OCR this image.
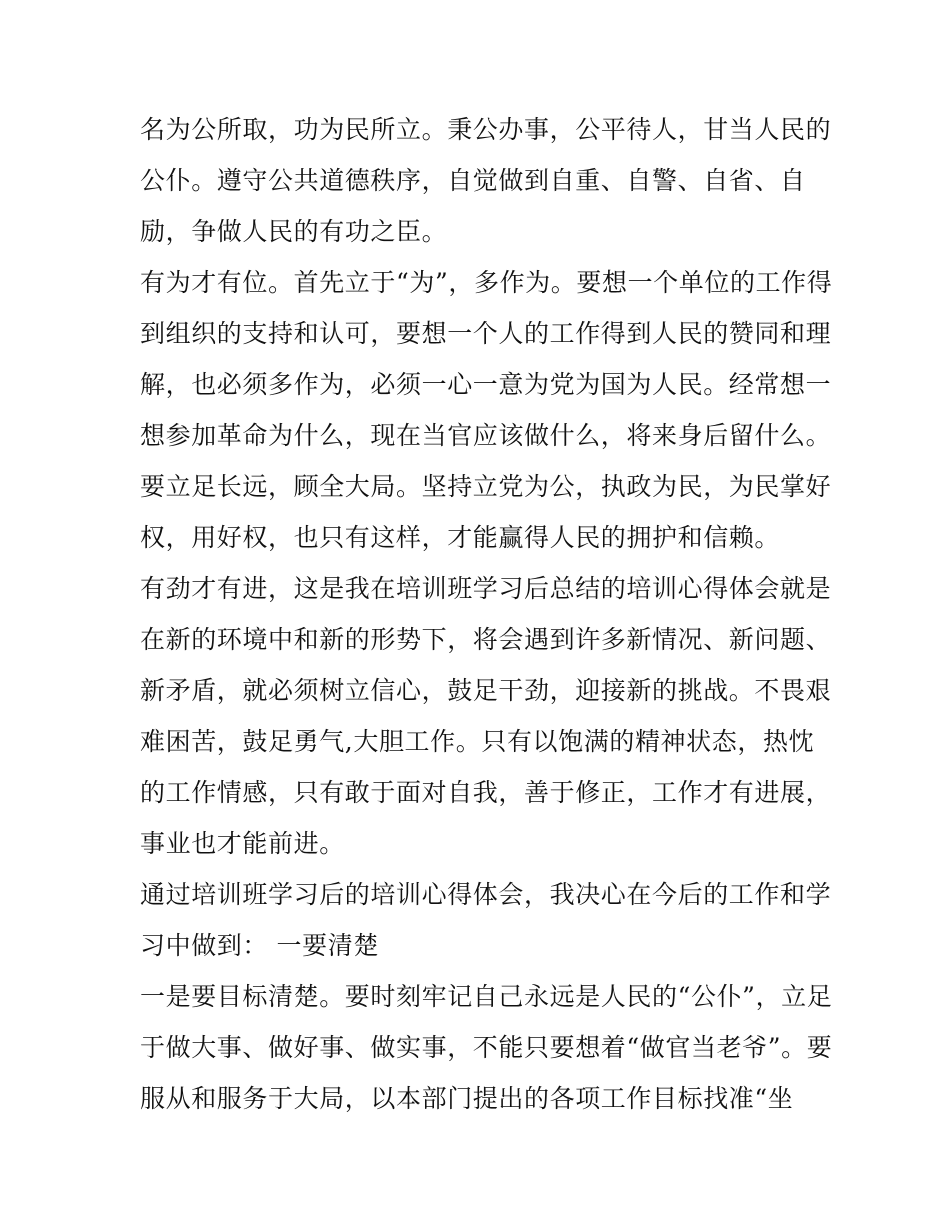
名为公所取，功为民所立。秉公办事，公平待人，甘当人民的
公仆。遵守公共道德秩序，自觉做到自重、自警、自省、自
励，争做人民的有功之臣。
有为才有位。首先立于“为”，多作为。要想一个单位的工作得
到组织的支持和认可，要想一个人的工作得到人民的赞同和理
解，也必须多作为，必须一心一意为党为国为人民。经常想一
想参加革命为什么，现在当官应该做什么，将来身后留什么。
要立足长远，顾全大局。坚持立党为公，执政为民，为民掌好
权，用好权，也只有这样，才能赢得人民的拥护和信赖。
有劲才有进，这是我在培训班学习后总结的培训心得体会就是
在新的环境中和新的形势下，将会遇到许多新情况、新问题、
新矛盾，就必须树立信心，鼓足干劲，迎接新的挑战。不畏艰
难困苦，鼓足勇气,大胆工作。只有以饱满的精神状态，热忱
的工作情感，只有敢于面对自我，善于修正，工作才有进展，
事业也才能前进。
通过培训班学习后的培训心得体会，我决心在今后的工作和学
习中做到： 一要清楚
一是要目标清楚。要时刻牢记自己永远是人民的“公仆”，立足
于做大事、做好事、做实事，不能只要想着“做官当老爷”。要
服从和服务于大局，以本部门提出的各项工作目标找准“坐
